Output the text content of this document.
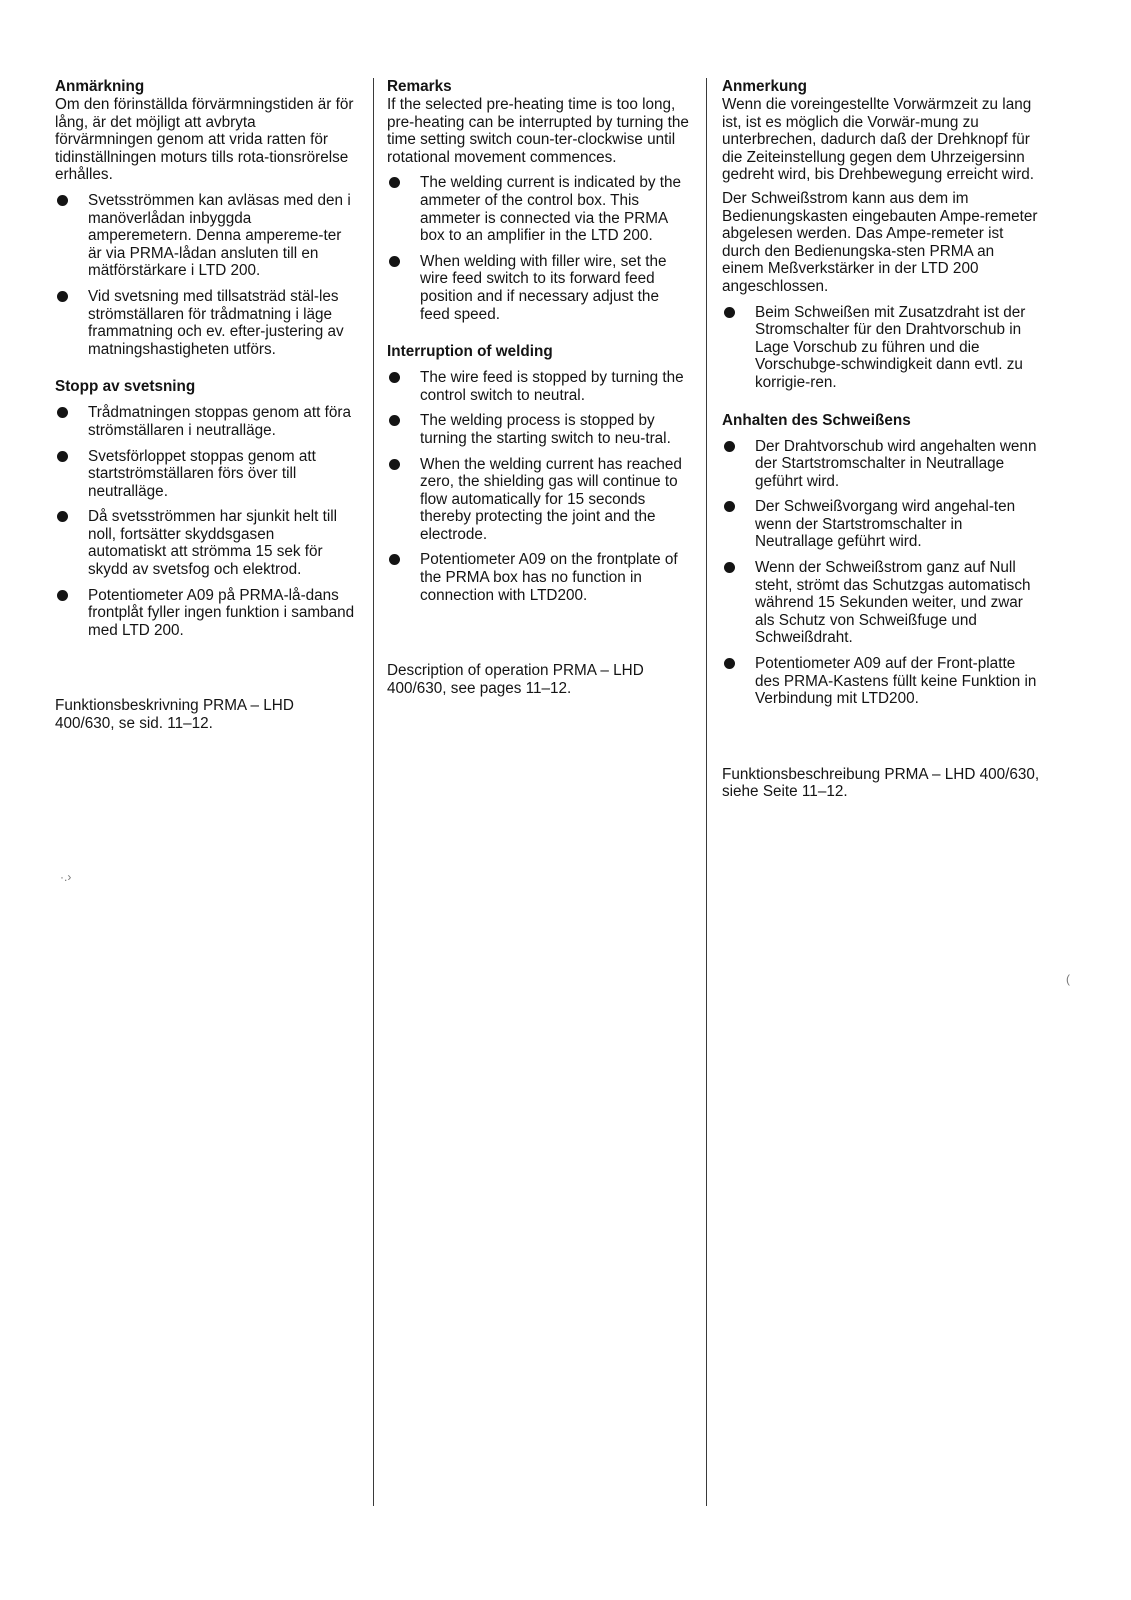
Anmärkning

Om den förinställda förvärmningstiden är för lång, är det möjligt att avbryta förvärmningen genom att vrida ratten för tidinställningen moturs tills rota-tionsrörelse erhålles.

Svetsströmmen kan avläsas med den i manöverlådan inbyggda amperemetern. Denna ampereme-ter är via PRMA-lådan ansluten till en mätförstärkare i LTD 200.
Vid svetsning med tillsatsträd stäl-les strömställaren för trådmatning i läge frammatning och ev. efter-justering av matningshastigheten utförs.

Stopp av svetsning

Trådmatningen stoppas genom att föra strömställaren i neutralläge.
Svetsförloppet stoppas genom att startströmställaren förs över till neutralläge.
Då svetsströmmen har sjunkit helt till noll, fortsätter skyddsgasen automatiskt att strömma 15 sek för skydd av svetsfog och elektrod.
Potentiometer A09 på PRMA-lå-dans frontplåt fyller ingen funktion i samband med LTD 200.

Funktionsbeskrivning PRMA – LHD 400/630, se sid. 11–12.

Remarks

If the selected pre-heating time is too long, pre-heating can be interrupted by turning the time setting switch coun-ter-clockwise until rotational movement commences.

The welding current is indicated by the ammeter of the control box. This ammeter is connected via the PRMA box to an amplifier in the LTD 200.
When welding with filler wire, set the wire feed switch to its forward feed position and if necessary adjust the feed speed.

Interruption of welding

The wire feed is stopped by turning the control switch to neutral.
The welding process is stopped by turning the starting switch to neu-tral.
When the welding current has reached zero, the shielding gas will continue to flow automatically for 15 seconds thereby protecting the joint and the electrode.
Potentiometer A09 on the frontplate of the PRMA box has no function in connection with LTD200.

Description of operation PRMA – LHD 400/630, see pages 11–12.

Anmerkung

Wenn die voreingestellte Vorwärmzeit zu lang ist, ist es möglich die Vorwär-mung zu unterbrechen, dadurch daß der Drehknopf für die Zeiteinstellung gegen dem Uhrzeigersinn gedreht wird, bis Drehbewegung erreicht wird.

Der Schweißstrom kann aus dem im Bedienungskasten eingebauten Ampe-remeter abgelesen werden. Das Ampe-remeter ist durch den Bedienungska-sten PRMA an einem Meßverkstärker in der LTD 200 angeschlossen.

Beim Schweißen mit Zusatzdraht ist der Stromschalter für den Drahtvorschub in Lage Vorschub zu führen und die Vorschubge-schwindigkeit dann evtl. zu korrigie-ren.

Anhalten des Schweißens

Der Drahtvorschub wird angehalten wenn der Startstromschalter in Neutrallage geführt wird.
Der Schweißvorgang wird angehal-ten wenn der Startstromschalter in Neutrallage geführt wird.
Wenn der Schweißstrom ganz auf Null steht, strömt das Schutzgas automatisch während 15 Sekunden weiter, und zwar als Schutz von Schweißfuge und Schweißdraht.
Potentiometer A09 auf der Front-platte des PRMA-Kastens füllt keine Funktion in Verbindung mit LTD200.

Funktionsbeschreibung PRMA – LHD 400/630, siehe Seite 11–12.

·.›
(
